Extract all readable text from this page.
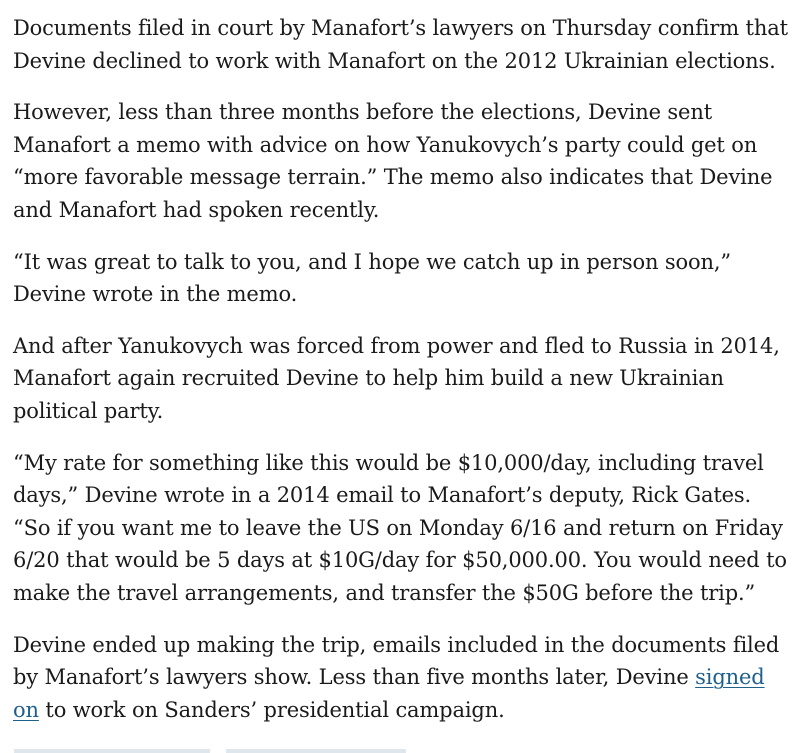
Documents filed in court by Manafort’s lawyers on Thursday confirm that Devine declined to work with Manafort on the 2012 Ukrainian elections.

However, less than three months before the elections, Devine sent Manafort a memo with advice on how Yanukovych’s party could get on “more favorable message terrain.” The memo also indicates that Devine and Manafort had spoken recently.

“It was great to talk to you, and I hope we catch up in person soon,” Devine wrote in the memo.

And after Yanukovych was forced from power and fled to Russia in 2014, Manafort again recruited Devine to help him build a new Ukrainian political party.

“My rate for something like this would be $10,000/day, including travel days,” Devine wrote in a 2014 email to Manafort’s deputy, Rick Gates. “So if you want me to leave the US on Monday 6/16 and return on Friday 6/20 that would be 5 days at $10G/day for $50,000.00. You would need to make the travel arrangements, and transfer the $50G before the trip.”

Devine ended up making the trip, emails included in the documents filed by Manafort’s lawyers show. Less than five months later, Devine signed on to work on Sanders’ presidential campaign.
